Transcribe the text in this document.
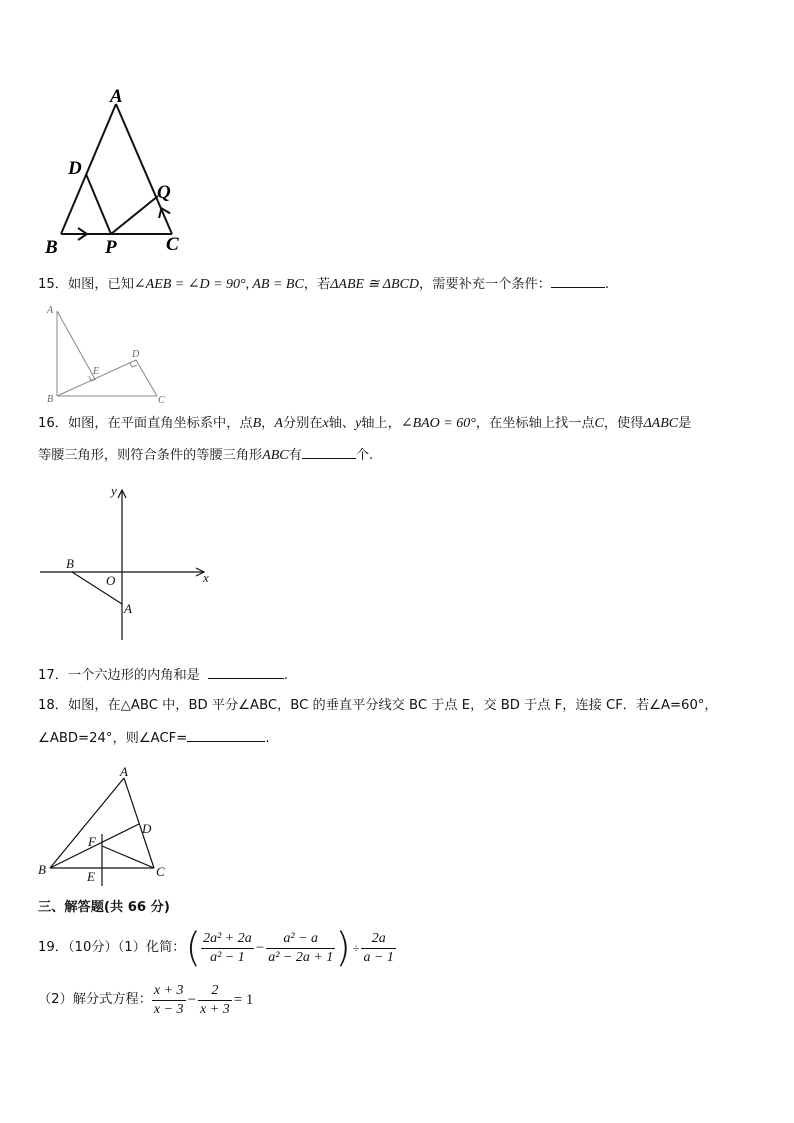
A
D
Q
B P	C
15．如图，已知∠AEB = ∠D = 90°, AB = BC，若ΔABE ≅ ΔBCD，需要补充一个条件：	.
A
D
E
B	C
16．如图，在平面直角坐标系中，点B，A分别在x轴、y轴上，∠BAO = 60°，在坐标轴上找一点C，使得ΔABC是
等腰三角形，则符合条件的等腰三角形ABC有	个.
y
x
B
O
A
17．一个六边形的内角和是	.
18．如图，在△ABC 中，BD 平分∠ABC，BC 的垂直平分线交 BC 于点 E，交 BD 于点 F，连接 CF．若∠A=60°，
∠ABD=24°，则∠ACF=	.
A
D
F
B	E	C
三、解答题(共 66 分)
19．（10分）（1）化简：( $\frac{\text{2a² + 2a}}{\text{a² − 1}} - \frac{\text{a² − a}}{\text{a² − 2a + 1}}$ ) ÷ $\frac{2a}{a - 1}$
（2）解分式方程： $\frac{x + 3}{x - 3} - \frac{2}{x + 3} = 1$
